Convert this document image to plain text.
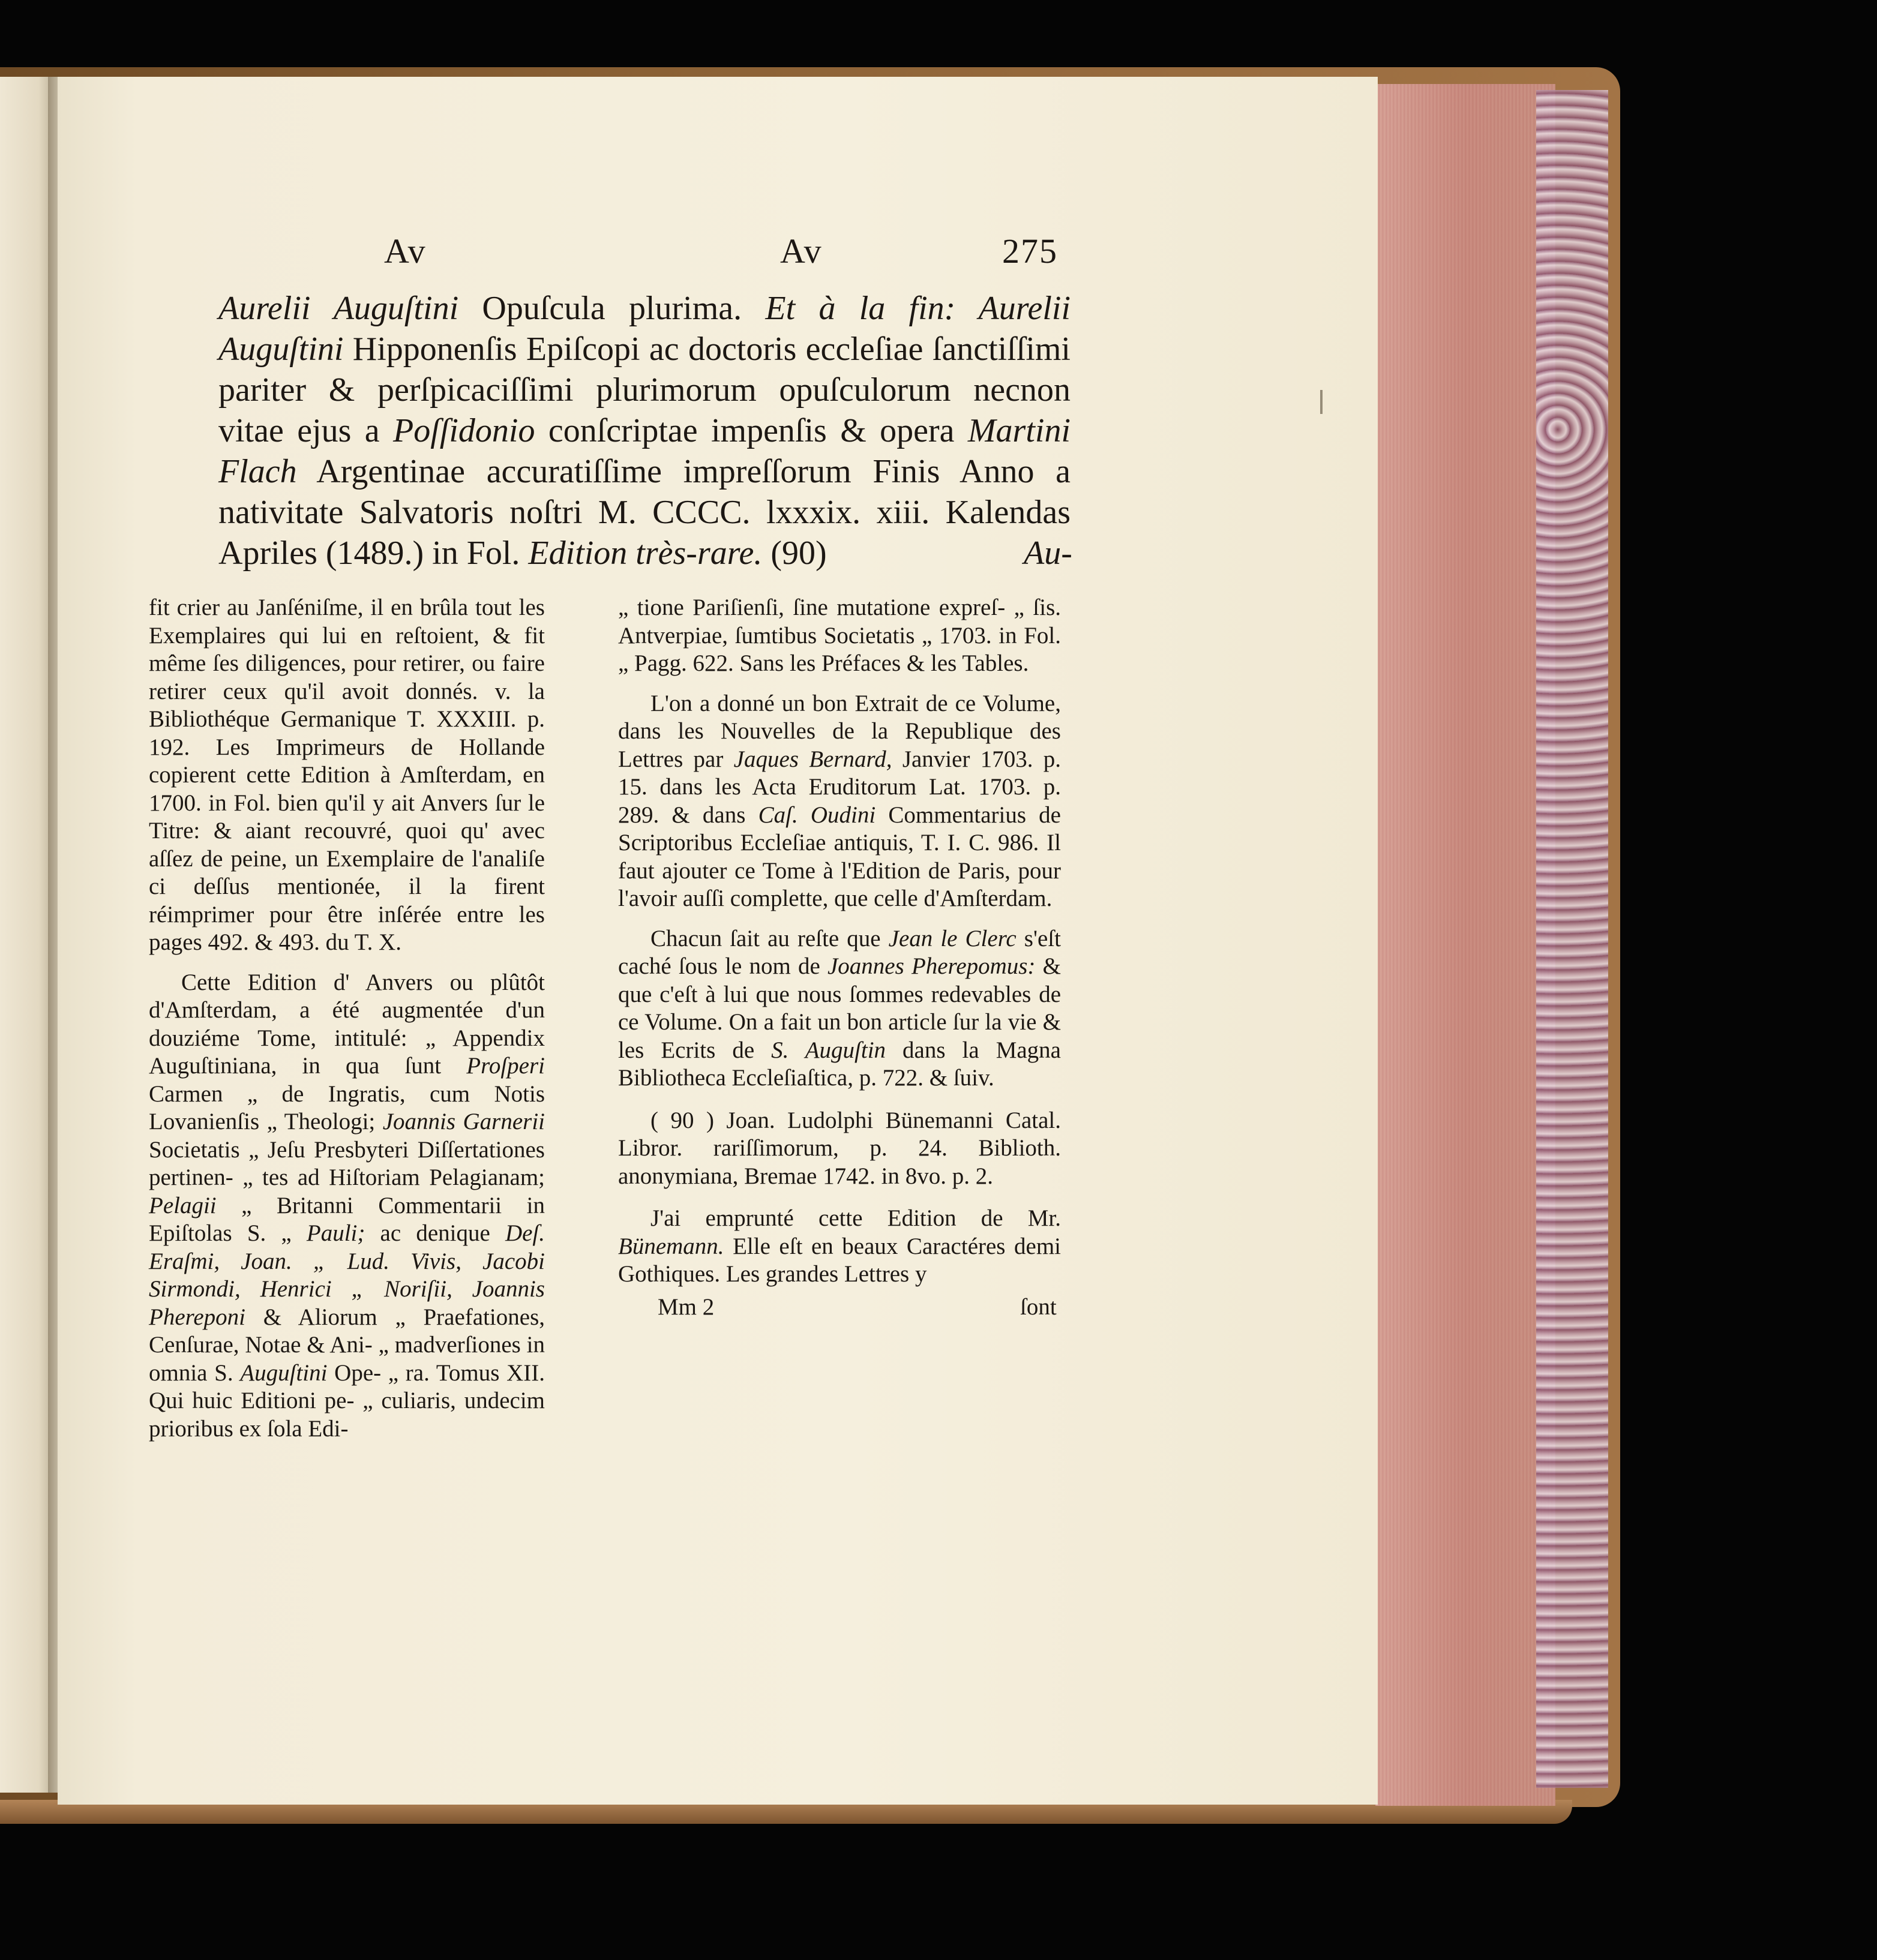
Av	Av	275
Aurelii Auguſtini Opuſcula plurima. Et à la fin: Aurelii Auguſtini Hipponenſis Epiſcopi ac doctoris eccleſiae ſanctiſſimi pariter & perſpicaciſſimi plurimorum opuſculorum necnon vitae ejus a Poſſidonio conſcriptae impenſis & opera Martini Flach Argentinae accuratiſſime impreſſorum Finis Anno a nativitate Salvatoris noſtri M. CCCC. lxxxix. xiii. Kalendas Apriles (1489.) in Fol. Edition très-rare. (90)	Au-

fit crier au Janſéniſme, il en brûla tout les Exemplaires qui lui en reſtoient, & fit même ſes diligences, pour retirer, ou faire retirer ceux qu'il avoit donnés. v. la Bibliothéque Germanique T. XXXIII. p. 192. Les Imprimeurs de Hollande copierent cette Edition à Amſterdam, en 1700. in Fol. bien qu'il y ait Anvers ſur le Titre: & aiant recouvré, quoi qu' avec aſſez de peine, un Exemplaire de l'analiſe ci deſſus mentionée, il la firent réimprimer pour être inſérée entre les pages 492. & 493. du T. X.

Cette Edition d' Anvers ou plûtôt d'Amſterdam, a été augmentée d'un douziéme Tome, intitulé: „ Appendix Auguſtiniana, in qua ſunt Proſperi Carmen „ de Ingratis, cum Notis Lovanienſis „ Theologi; Joannis Garnerii Societatis „ Jeſu Presbyteri Diſſertationes pertinen- „ tes ad Hiſtoriam Pelagianam; Pelagii „ Britanni Commentarii in Epiſtolas S. „ Pauli; ac denique Deſ. Eraſmi, Joan. „ Lud. Vivis, Jacobi Sirmondi, Henrici „ Noriſii, Joannis Phereponi & Aliorum „ Praefationes, Cenſurae, Notae & Ani- „ madverſiones in omnia S. Auguſtini Ope- „ ra. Tomus XII. Qui huic Editioni pe- „ culiaris, undecim prioribus ex ſola Edi-

„ tione Pariſienſi, ſine mutatione expreſ- „ ſis. Antverpiae, ſumtibus Societatis „ 1703. in Fol. „ Pagg. 622. Sans les Préfaces & les Tables.

L'on a donné un bon Extrait de ce Volume, dans les Nouvelles de la Republique des Lettres par Jaques Bernard, Janvier 1703. p. 15. dans les Acta Eruditorum Lat. 1703. p. 289. & dans Caſ. Oudini Commentarius de Scriptoribus Eccleſiae antiquis, T. I. C. 986. Il faut ajouter ce Tome à l'Edition de Paris, pour l'avoir auſſi complette, que celle d'Amſterdam.

Chacun ſait au reſte que Jean le Clerc s'eſt caché ſous le nom de Joannes Pherepomus: & que c'eſt à lui que nous ſommes redevables de ce Volume. On a fait un bon article ſur la vie & les Ecrits de S. Auguſtin dans la Magna Bibliotheca Eccleſiaſtica, p. 722. & ſuiv.

( 90 ) Joan. Ludolphi Bünemanni Catal. Libror. rariſſimorum, p. 24. Biblioth. anonymiana, Bremae 1742. in 8vo. p. 2.

J'ai emprunté cette Edition de Mr. Bünemann. Elle eſt en beaux Caractéres demi Gothiques. Les grandes Lettres y

Mm 2	ſont
